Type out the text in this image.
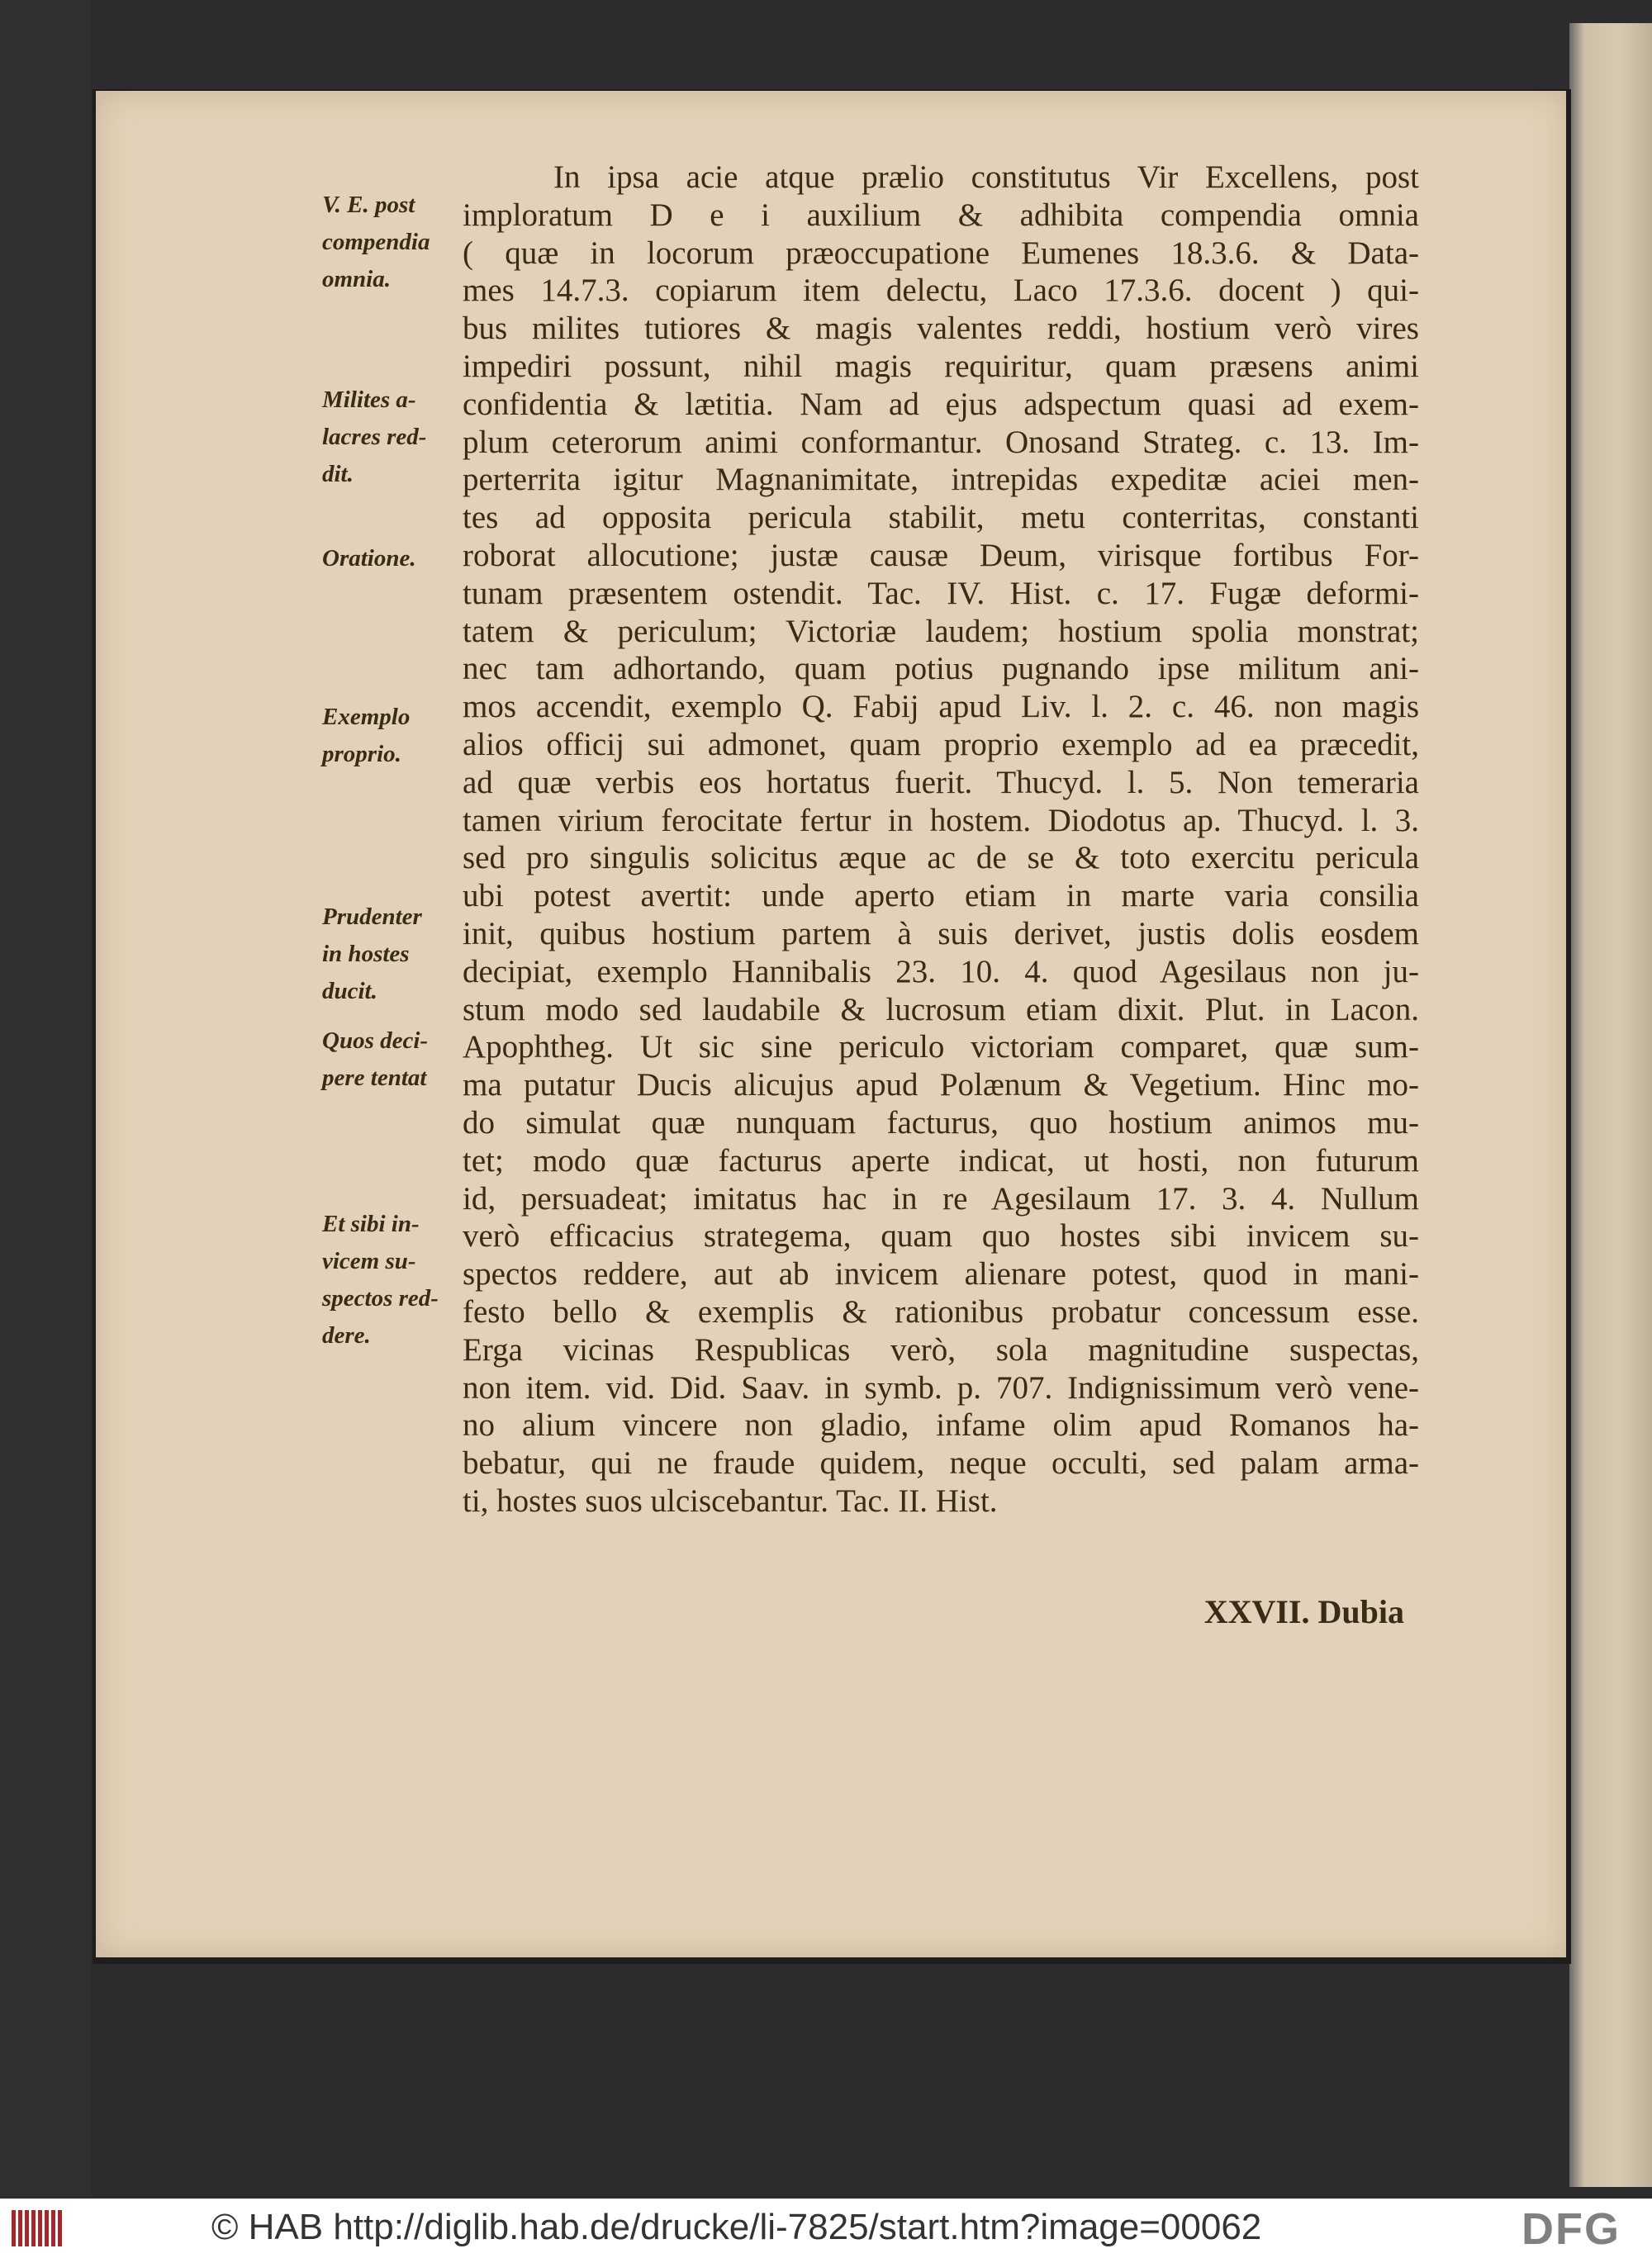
In ipsa acie atque prælio constitutus Vir Excellens, post
imploratum D e i auxilium & adhibita compendia omnia
( quæ in locorum præoccupatione Eumenes 18.3.6. & Data-
mes 14.7.3. copiarum item delectu, Laco 17.3.6. docent ) qui-
bus milites tutiores & magis valentes reddi, hostium verò vires
impediri possunt, nihil magis requiritur, quam præsens animi
confidentia & lætitia. Nam ad ejus adspectum quasi ad exem-
plum ceterorum animi conformantur. Onosand Strateg. c. 13. Im-
perterrita igitur Magnanimitate, intrepidas expeditæ aciei men-
tes ad opposita pericula stabilit, metu conterritas, constanti
roborat allocutione; justæ causæ Deum, virisque fortibus For-
tunam præsentem ostendit. Tac. IV. Hist. c. 17. Fugæ deformi-
tatem & periculum; Victoriæ laudem; hostium spolia monstrat;
nec tam adhortando, quam potius pugnando ipse militum ani-
mos accendit, exemplo Q. Fabij apud Liv. l. 2. c. 46. non magis
alios officij sui admonet, quam proprio exemplo ad ea præcedit,
ad quæ verbis eos hortatus fuerit. Thucyd. l. 5. Non temeraria
tamen virium ferocitate fertur in hostem. Diodotus ap. Thucyd. l. 3.
sed pro singulis solicitus æque ac de se & toto exercitu pericula
ubi potest avertit: unde aperto etiam in marte varia consilia
init, quibus hostium partem à suis derivet, justis dolis eosdem
decipiat, exemplo Hannibalis 23. 10. 4. quod Agesilaus non ju-
stum modo sed laudabile & lucrosum etiam dixit. Plut. in Lacon.
Apophtheg. Ut sic sine periculo victoriam comparet, quæ sum-
ma putatur Ducis alicujus apud Polænum & Vegetium. Hinc mo-
do simulat quæ nunquam facturus, quo hostium animos mu-
tet; modo quæ facturus aperte indicat, ut hosti, non futurum
id, persuadeat; imitatus hac in re Agesilaum 17. 3. 4. Nullum
verò efficacius strategema, quam quo hostes sibi invicem su-
spectos reddere, aut ab invicem alienare potest, quod in mani-
festo bello & exemplis & rationibus probatur concessum esse.
Erga vicinas Respublicas verò, sola magnitudine suspectas,
non item. vid. Did. Saav. in symb. p. 707. Indignissimum verò vene-
no alium vincere non gladio, infame olim apud Romanos ha-
bebatur, qui ne fraude quidem, neque occulti, sed palam arma-
ti, hostes suos ulciscebantur. Tac. II. Hist.
V. E. post
compendia
omnia.
Milites a-
lacres red-
dit.
Oratione.
Exemplo
proprio.
Prudenter
in hostes
ducit.
Quos deci-
pere tentat
Et sibi in-
vicem su-
spectos red-
dere.
XXVII. Dubia
© HAB http://diglib.hab.de/drucke/li-7825/start.htm?image=00062	DFG
